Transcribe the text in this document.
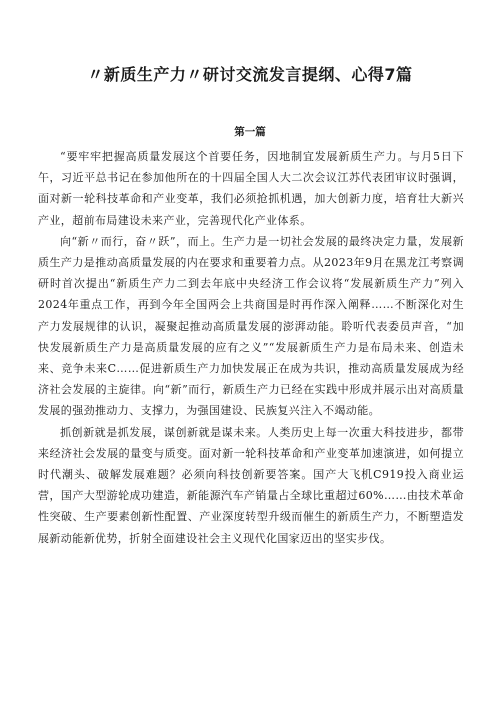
〃新质生产力〃研讨交流发言提纲、心得7篇
第一篇

“要牢牢把握高质量发展这个首要任务，因地制宜发展新质生产力。与月5日下午，习近平总书记在参加他所在的十四届全国人大二次会议江苏代表团审议时强调，面对新一轮科技革命和产业变革，我们必须抢抓机遇，加大创新力度，培育壮大新兴产业，超前布局建设未来产业，完善现代化产业体系。

向“新〃而行，奋〃跃”，而上。生产力是一切社会发展的最终决定力量，发展新质生产力是推动高质量发展的内在要求和重要着力点。从2023年9月在黑龙江考察调研时首次提出“新质生产力二到去年底中央经济工作会议将“发展新质生产力”列入2024年重点工作，再到今年全国两会上共商国是时再作深入阐释……不断深化对生产力发展规律的认识，凝聚起推动高质量发展的澎湃动能。聆听代表委员声音，“加快发展新质生产力是高质量发展的应有之义”“发展新质生产力是布局未来、创造未来、竞争未来C……促进新质生产力加快发展正在成为共识，推动高质量发展成为经济社会发展的主旋律。向“新”而行，新质生产力已经在实践中形成并展示出对高质量发展的强劲推动力、支撑力，为强国建设、民族复兴注入不竭动能。

抓创新就是抓发展，谋创新就是谋未来。人类历史上每一次重大科技进步，都带来经济社会发展的量变与质变。面对新一轮科技革命和产业变革加速演进，如何提立时代潮头、破解发展难题？必须向科技创新要答案。国产大飞机C919投入商业运营，国产大型游轮成功建造，新能源汽车产销量占全球比重超过60%……由技术革命性突破、生产要素创新性配置、产业深度转型升级而催生的新质生产力，不断塑造发展新动能新优势，折射全面建设社会主义现代化国家迈出的坚实步伐。
